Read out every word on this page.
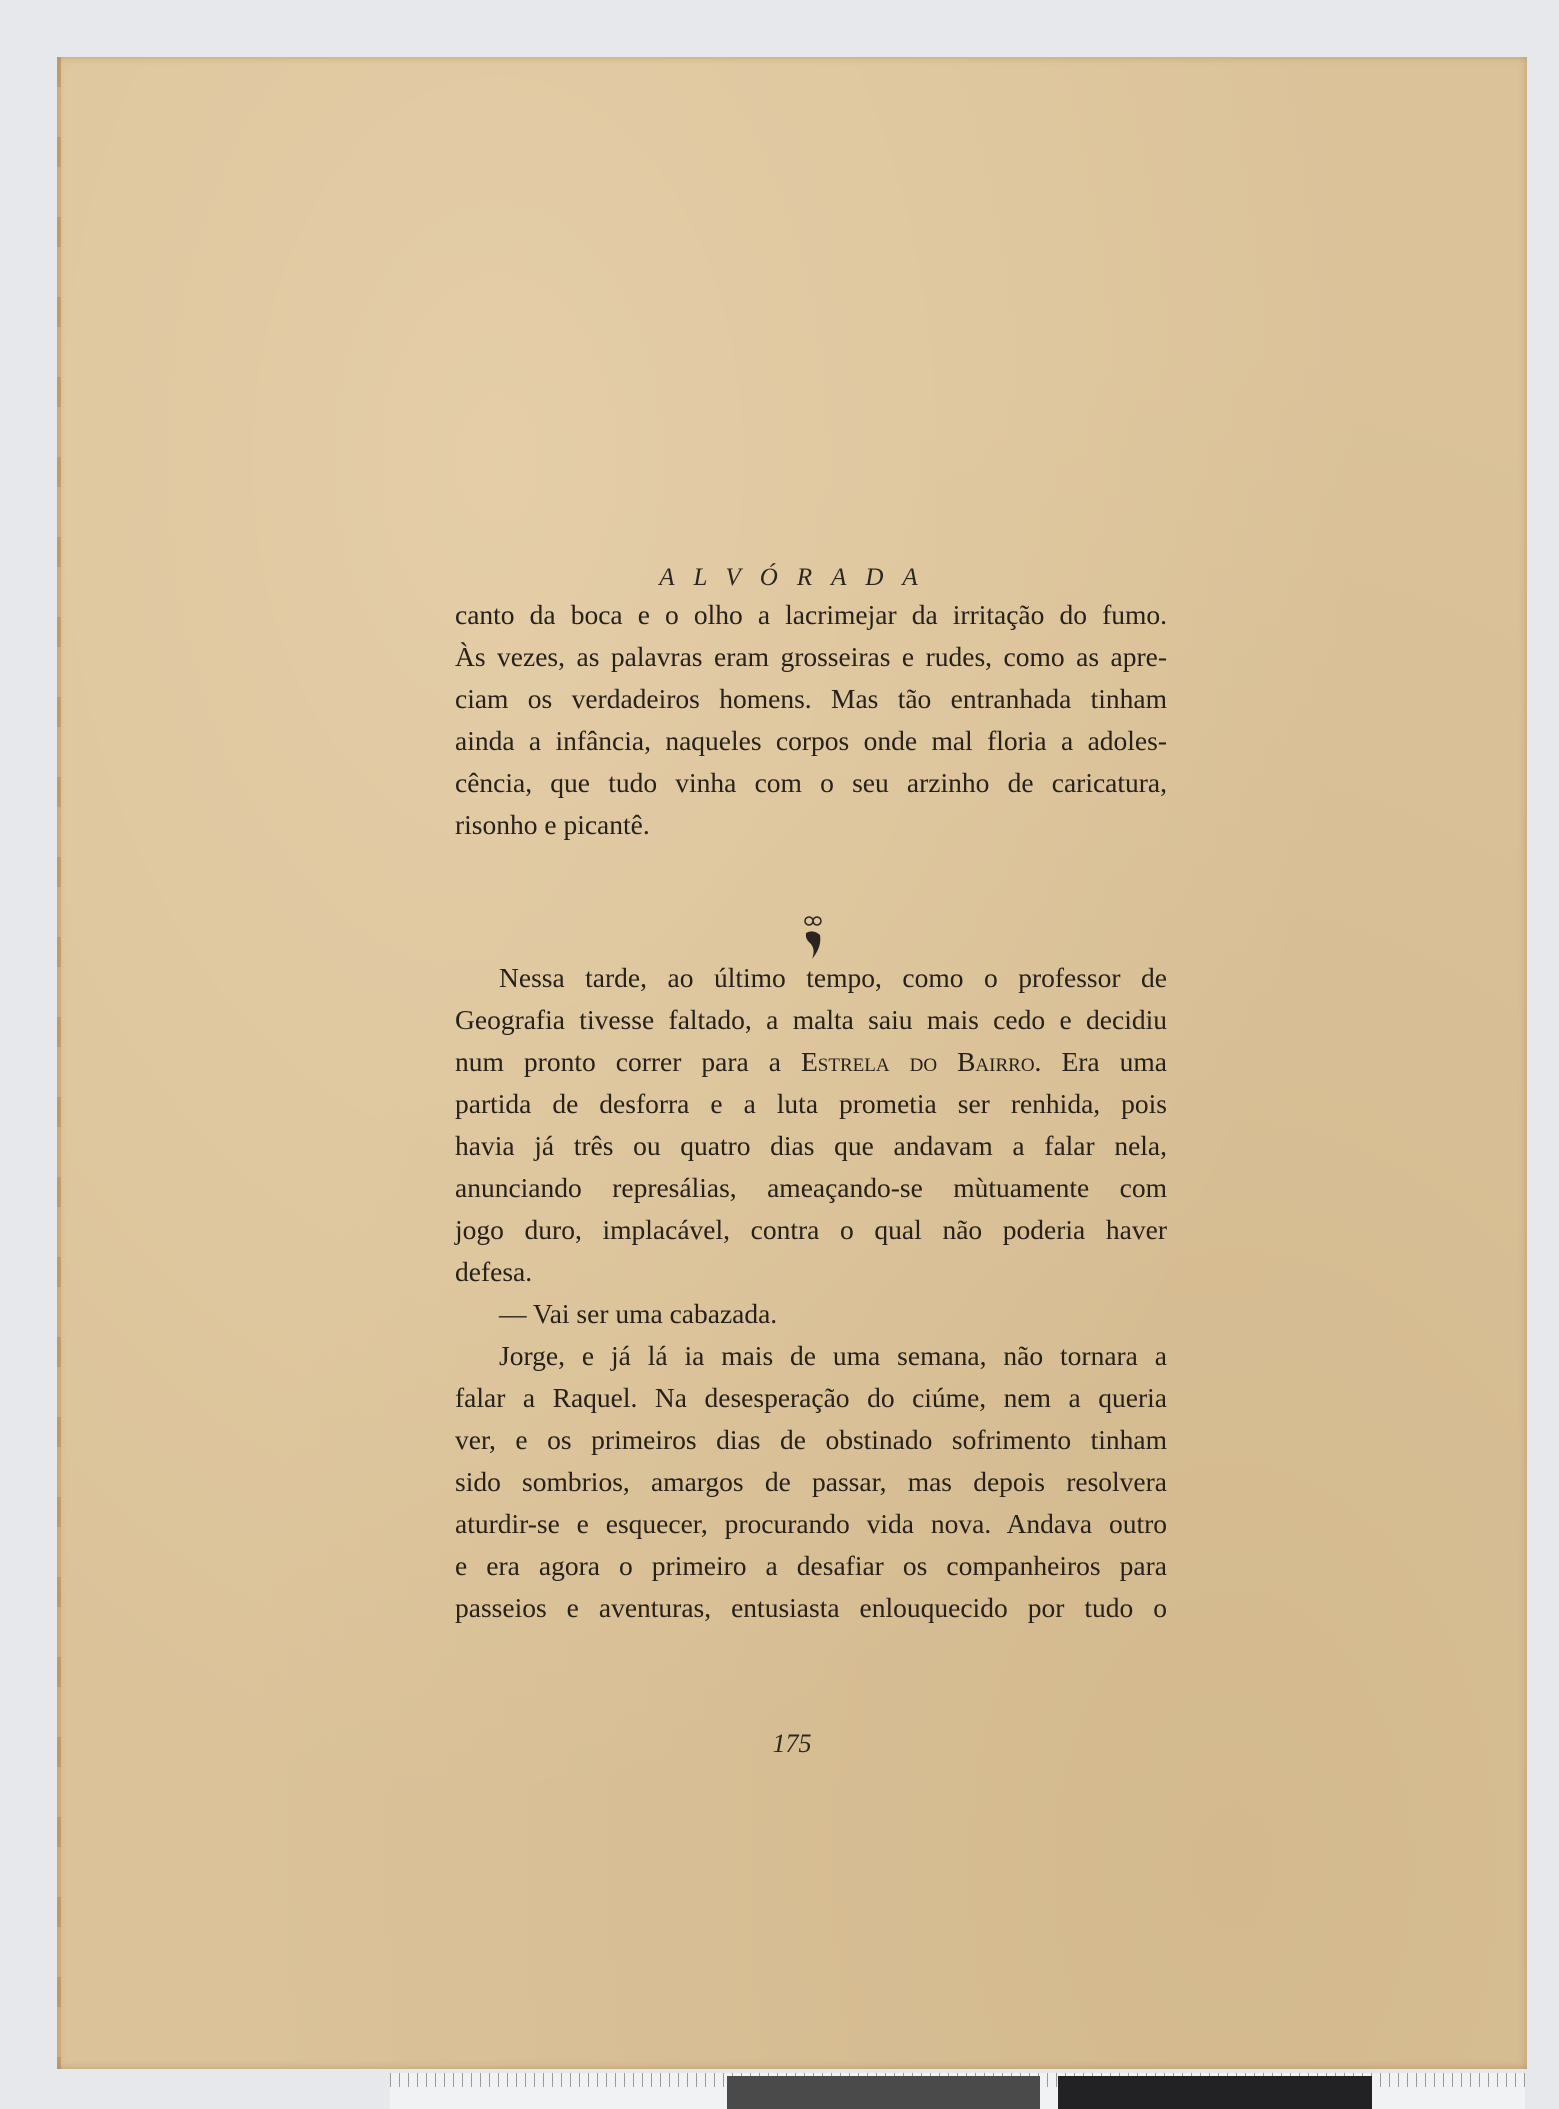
ALVÓRADA
canto da boca e o olho a lacrimejar da irritação do fumo.
Às vezes, as palavras eram grosseiras e rudes, como as apre-
ciam os verdadeiros homens. Mas tão entranhada tinham
ainda a infância, naqueles corpos onde mal floria a adoles-
cência, que tudo vinha com o seu arzinho de caricatura,
risonho e picantê.
Nessa tarde, ao último tempo, como o professor de
Geografia tivesse faltado, a malta saiu mais cedo e decidiu
num pronto correr para a Estrela do Bairro. Era uma
partida de desforra e a luta prometia ser renhida, pois
havia já três ou quatro dias que andavam a falar nela,
anunciando represálias, ameaçando-se mùtuamente com
jogo duro, implacável, contra o qual não poderia haver
defesa.
— Vai ser uma cabazada.
Jorge, e já lá ia mais de uma semana, não tornara a
falar a Raquel. Na desesperação do ciúme, nem a queria
ver, e os primeiros dias de obstinado sofrimento tinham
sido sombrios, amargos de passar, mas depois resolvera
aturdir-se e esquecer, procurando vida nova. Andava outro
e era agora o primeiro a desafiar os companheiros para
passeios e aventuras, entusiasta enlouquecido por tudo o
175
